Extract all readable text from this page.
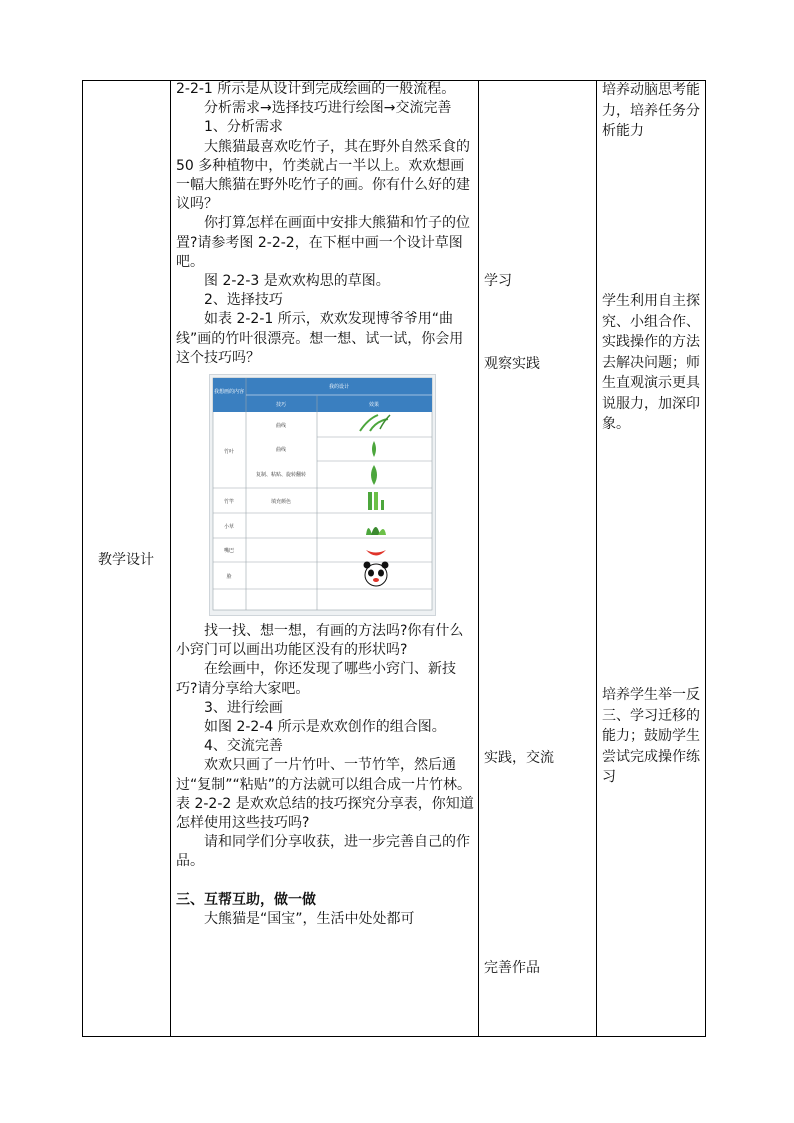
教学设计

2-2-1 所示是从设计到完成绘画的一般流程。

分析需求→选择技巧进行绘图→交流完善

1、分析需求

大熊猫最喜欢吃竹子，其在野外自然采食的 50 多种植物中，竹类就占一半以上。欢欢想画一幅大熊猫在野外吃竹子的画。你有什么好的建议吗？

你打算怎样在画面中安排大熊猫和竹子的位置?请参考图 2-2-2，在下框中画一个设计草图吧。

图 2-2-3 是欢欢构思的草图。

2、选择技巧

如表 2-2-1 所示，欢欢发现博爷爷用“曲线”画的竹叶很漂亮。想一想、试一试，你会用这个技巧吗？

我想画的内容
我的设计
技巧	效果
竹叶
曲线
曲线
复制、粘贴、旋转翻转
竹竿	填充颜色
小草
嘴巴
脸

找一找、想一想，有画的方法吗?你有什么小窍门可以画出功能区没有的形状吗?

在绘画中，你还发现了哪些小窍门、新技巧?请分享给大家吧。

3、进行绘画

如图 2-2-4 所示是欢欢创作的组合图。

4、交流完善

欢欢只画了一片竹叶、一节竹竿，然后通过“复制”“粘贴”的方法就可以组合成一片竹林。表 2-2-2 是欢欢总结的技巧探究分享表，你知道怎样使用这些技巧吗?

请和同学们分享收获，进一步完善自己的作品。

三、互帮互助，做一做

大熊猫是“国宝”，生活中处处都可

学习
观察实践
实践，交流
完善作品
培养动脑思考能力，培养任务分析能力
学生利用自主探究、小组合作、实践操作的方法去解决问题；师生直观演示更具说服力，加深印象。
培养学生举一反三、学习迁移的能力；鼓励学生尝试完成操作练习
